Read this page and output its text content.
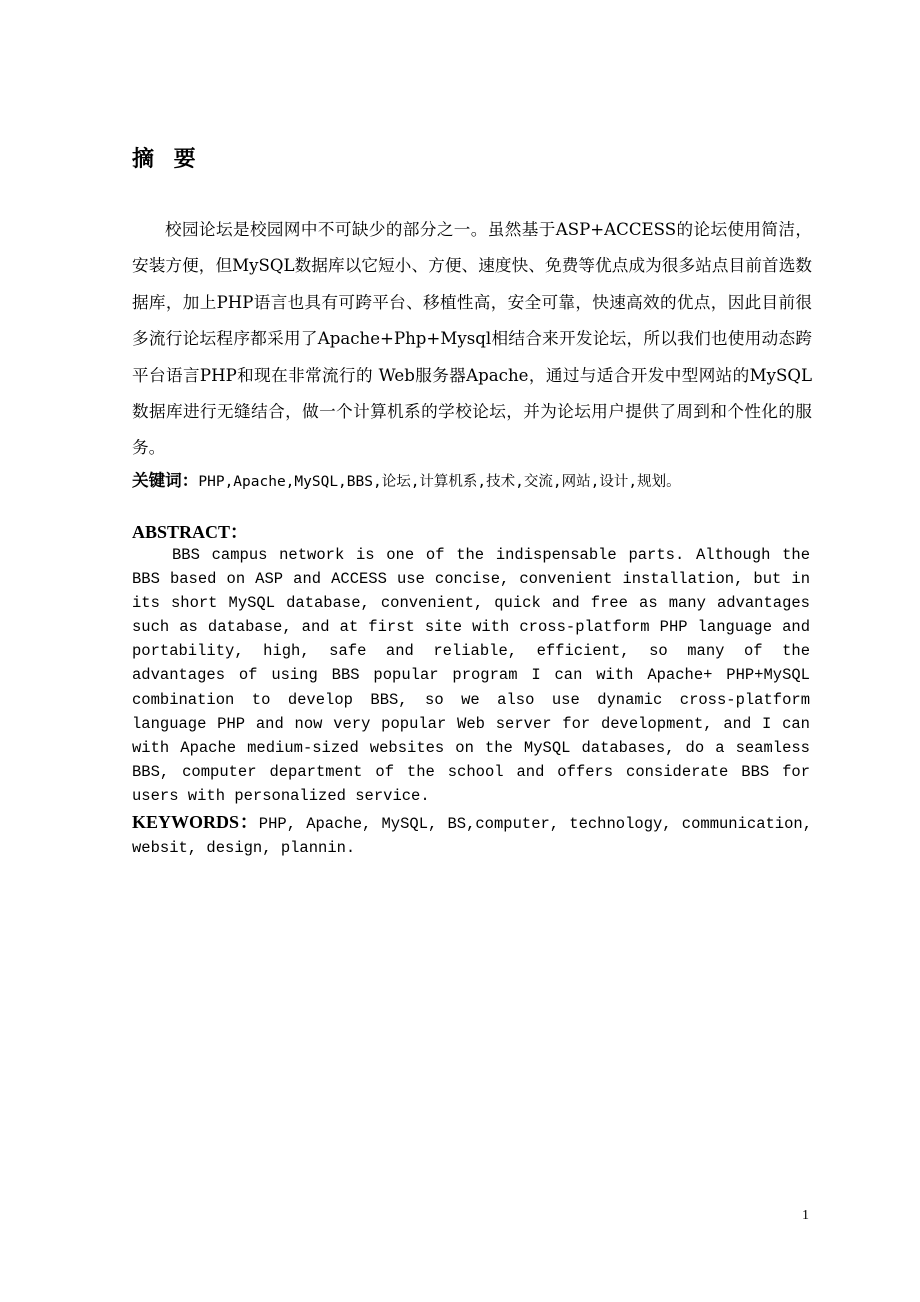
摘 要

校园论坛是校园网中不可缺少的部分之一。虽然基于ASP+ACCESS的论坛使用简洁，安装方便，但MySQL数据库以它短小、方便、速度快、免费等优点成为很多站点目前首选数据库，加上PHP语言也具有可跨平台、移植性高，安全可靠，快速高效的优点，因此目前很多流行论坛程序都采用了Apache+Php+Mysql相结合来开发论坛，所以我们也使用动态跨平台语言PHP和现在非常流行的 Web服务器Apache，通过与适合开发中型网站的MySQL数据库进行无缝结合，做一个计算机系的学校论坛，并为论坛用户提供了周到和个性化的服务。

关键词：PHP,Apache,MySQL,BBS,论坛,计算机系,技术,交流,网站,设计,规划。

ABSTRACT：

BBS campus network is one of the indispensable parts. Although the BBS based on ASP and ACCESS use concise, convenient installation, but in its short MySQL database, convenient, quick and free as many advantages such as database, and at first site with cross-platform PHP language and portability, high, safe and reliable, efficient, so many of the advantages of using BBS popular program I can with Apache+ PHP+MySQL combination to develop BBS, so we also use dynamic cross-platform language PHP and now very popular Web server for development, and I can with Apache medium-sized websites on the MySQL databases, do a seamless BBS, computer department of the school and offers considerate BBS for users with personalized service.

KEYWORDS：PHP, Apache, MySQL, BS,computer, technology, communication, websit, design, plannin.

1
